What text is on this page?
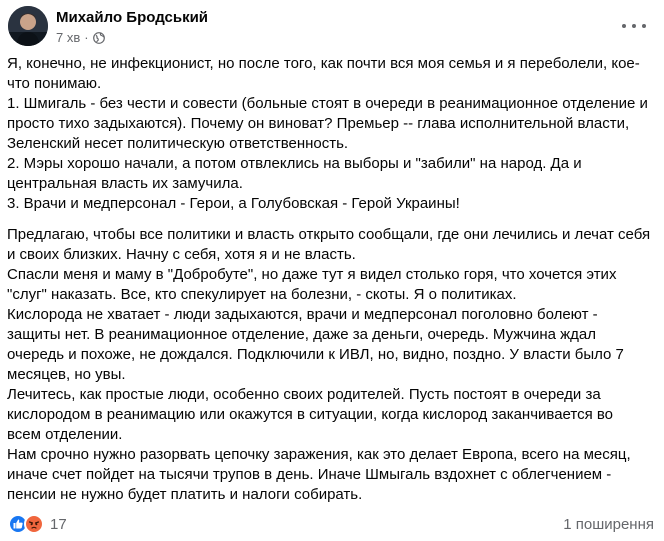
Михайло Бродський
7 хв ·

Я, конечно, не инфекционист, но после того, как почти вся моя семья и я переболели, кое-

что понимаю.

1. Шмигаль - без чести и совести (больные стоят в очереди в реанимационное отделение и

просто тихо задыхаются). Почему он виноват? Премьер -- глава исполнительной власти,

Зеленский несет политическую ответственность.

2. Мэры хорошо начали, а потом отвлеклись на выборы и "забили" на народ. Да и

центральная власть их замучила.

3. Врачи и медперсонал - Герои, а Голубовская - Герой Украины!

Предлагаю, чтобы все политики и власть открыто сообщали, где они лечились и лечат себя

и своих близких. Начну с себя, хотя я и не власть.

Спасли меня и маму в "Добробуте", но даже тут я видел столько горя, что хочется этих

"слуг" наказать. Все, кто спекулирует на болезни, - скоты. Я о политиках.

Кислорода не хватает - люди задыхаются, врачи и медперсонал поголовно болеют -

защиты нет. В реанимационное отделение, даже за деньги, очередь. Мужчина ждал

очередь и похоже, не дождался. Подключили к ИВЛ, но, видно, поздно. У власти было 7

месяцев, но увы.

Лечитесь, как простые люди, особенно своих родителей. Пусть постоят в очереди за

кислородом в реанимацию или окажутся в ситуации, когда кислород заканчивается во

всем отделении.

Нам срочно нужно разорвать цепочку заражения, как это делает Европа, всего на месяц,

иначе счет пойдет на тысячи трупов в день. Иначе Шмыгаль вздохнет с облегчением -

пенсии не нужно будет платить и налоги собирать.

17	1 поширення
